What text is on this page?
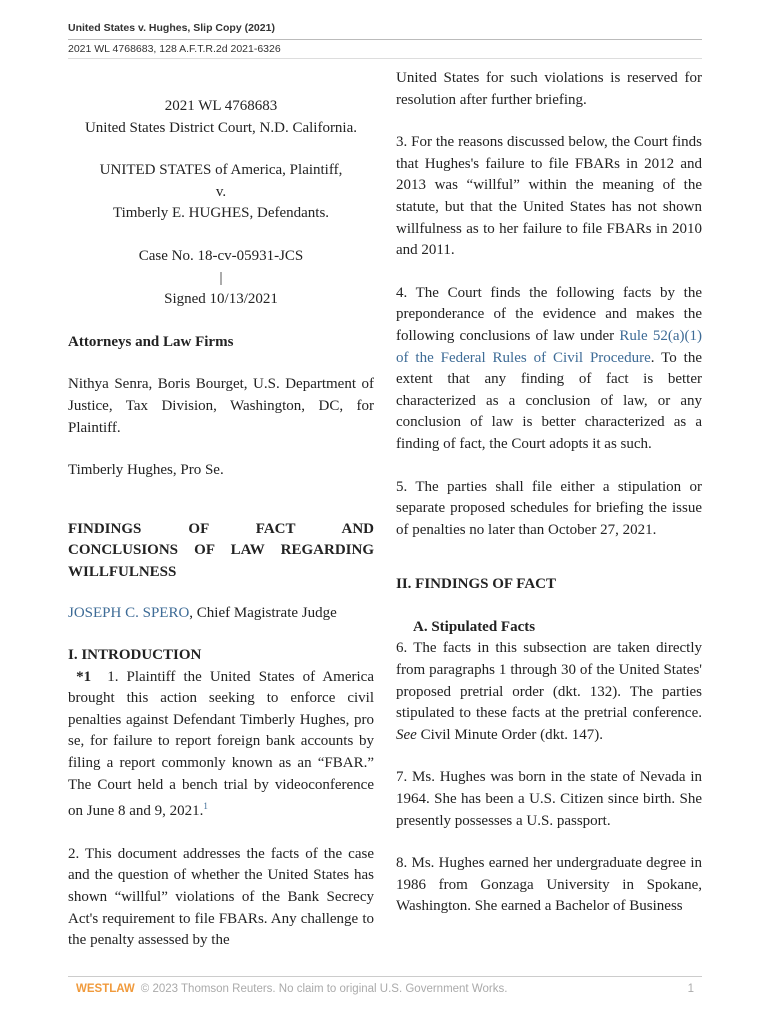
United States v. Hughes, Slip Copy (2021)
2021 WL 4768683, 128 A.F.T.R.2d 2021-6326
2021 WL 4768683

United States District Court, N.D. California.

UNITED STATES of America, Plaintiff,
v.

Timberly E. HUGHES, Defendants.

Case No. 18-cv-05931-JCS
|

Signed 10/13/2021

Attorneys and Law Firms

Nithya Senra, Boris Bourget, U.S. Department of Justice, Tax Division, Washington, DC, for Plaintiff.

Timberly Hughes, Pro Se.

FINDINGS OF FACT AND
CONCLUSIONS OF LAW REGARDING
WILLFULNESS

JOSEPH C. SPERO, Chief Magistrate Judge

I. INTRODUCTION

*1 1. Plaintiff the United States of America brought this action seeking to enforce civil penalties against Defendant Timberly Hughes, pro se, for failure to report foreign bank accounts by filing a report commonly known as an “FBAR.” The Court held a bench trial by videoconference on June 8 and 9, 2021.$^1$

2. This document addresses the facts of the case and the question of whether the United States has shown “willful” violations of the Bank Secrecy Act's requirement to file FBARs. Any challenge to the penalty assessed by the

United States for such violations is reserved for resolution after further briefing.

3. For the reasons discussed below, the Court finds that Hughes's failure to file FBARs in 2012 and 2013 was “willful” within the meaning of the statute, but that the United States has not shown willfulness as to her failure to file FBARs in 2010 and 2011.

4. The Court finds the following facts by the preponderance of the evidence and makes the following conclusions of law under Rule 52(a)(1) of the Federal Rules of Civil Procedure. To the extent that any finding of fact is better characterized as a conclusion of law, or any conclusion of law is better characterized as a finding of fact, the Court adopts it as such.

5. The parties shall file either a stipulation or separate proposed schedules for briefing the issue of penalties no later than October 27, 2021.

II. FINDINGS OF FACT

A. Stipulated Facts

6. The facts in this subsection are taken directly from paragraphs 1 through 30 of the United States' proposed pretrial order (dkt. 132). The parties stipulated to these facts at the pretrial conference. See Civil Minute Order (dkt. 147).

7. Ms. Hughes was born in the state of Nevada in 1964. She has been a U.S. Citizen since birth. She presently possesses a U.S. passport.

8. Ms. Hughes earned her undergraduate degree in 1986 from Gonzaga University in Spokane, Washington. She earned a Bachelor of Business

WESTLAW © 2023 Thomson Reuters. No claim to original U.S. Government Works.	1
